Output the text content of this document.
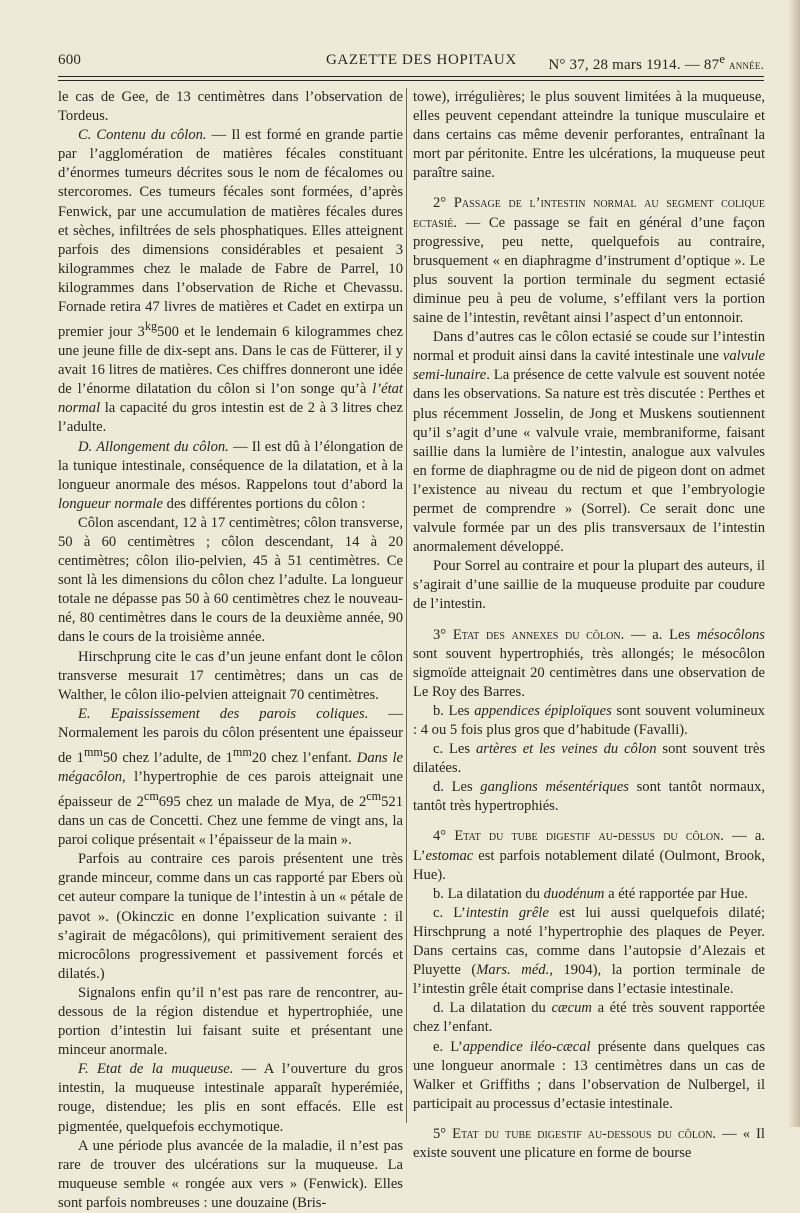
600	GAZETTE DES HOPITAUX N° 37, 28 mars 1914. — 87e année.

le cas de Gee, de 13 centimètres dans l’observation de Tordeus.

C. Contenu du côlon. — Il est formé en grande partie par l’agglomération de matières fécales constituant d’énormes tumeurs décrites sous le nom de fécalomes ou stercoromes. Ces tumeurs fécales sont formées, d’après Fenwick, par une accumulation de matières fécales dures et sèches, infiltrées de sels phosphatiques. Elles atteignent parfois des dimensions considérables et pesaient 3 kilogrammes chez le malade de Fabre de Parrel, 10 kilogrammes dans l’observation de Riche et Chevassu. Fornade retira 47 livres de matières et Cadet en extirpa un premier jour $3^{kg}500$ et le lendemain 6 kilogrammes chez une jeune fille de dix-sept ans. Dans le cas de Fütterer, il y avait 16 litres de matières. Ces chiffres donneront une idée de l’énorme dilatation du côlon si l’on songe qu’à l’état normal la capacité du gros intestin est de 2 à 3 litres chez l’adulte.

D. Allongement du côlon. — Il est dû à l’élongation de la tunique intestinale, conséquence de la dilatation, et à la longueur anormale des mésos. Rappelons tout d’abord la longueur normale des différentes portions du côlon :

Côlon ascendant, 12 à 17 centimètres; côlon transverse, 50 à 60 centimètres ; côlon descendant, 14 à 20 centimètres; côlon ilio-pelvien, 45 à 51 centimètres. Ce sont là les dimensions du côlon chez l’adulte. La longueur totale ne dépasse pas 50 à 60 centimètres chez le nouveau-né, 80 centimètres dans le cours de la deuxième année, 90 dans le cours de la troisième année.

Hirschprung cite le cas d’un jeune enfant dont le côlon transverse mesurait 17 centimètres; dans un cas de Walther, le côlon ilio-pelvien atteignait 70 centimètres.

E. Epaississement des parois coliques. — Normalement les parois du côlon présentent une épaisseur de $1^{mm}50$ chez l’adulte, de $1^{mm}20$ chez l’enfant. Dans le mégacôlon, l’hypertrophie de ces parois atteignait une épaisseur de $2^{cm}695$ chez un malade de Mya, de $2^{cm}521$ dans un cas de Concetti. Chez une femme de vingt ans, la paroi colique présentait « l’épaisseur de la main ».

Parfois au contraire ces parois présentent une très grande minceur, comme dans un cas rapporté par Ebers où cet auteur compare la tunique de l’intestin à un « pétale de pavot ». (Okinczic en donne l’explication suivante : il s’agirait de mégacôlons), qui primitivement seraient des microcôlons progressivement et passivement forcés et dilatés.)

Signalons enfin qu’il n’est pas rare de rencontrer, au-dessous de la région distendue et hypertrophiée, une portion d’intestin lui faisant suite et présentant une minceur anormale.

F. Etat de la muqueuse. — A l’ouverture du gros intestin, la muqueuse intestinale apparaît hyperémiée, rouge, distendue; les plis en sont effacés. Elle est pigmentée, quelquefois ecchymotique.

A une période plus avancée de la maladie, il n’est pas rare de trouver des ulcérations sur la muqueuse. La muqueuse semble « rongée aux vers » (Fenwick). Elles sont parfois nombreuses : une douzaine (Bris-

towe), irrégulières; le plus souvent limitées à la muqueuse, elles peuvent cependant atteindre la tunique musculaire et dans certains cas même devenir perforantes, entraînant la mort par péritonite. Entre les ulcérations, la muqueuse peut paraître saine.

2° Passage de l’intestin normal au segment colique ectasié. — Ce passage se fait en général d’une façon progressive, peu nette, quelquefois au contraire, brusquement « en diaphragme d’instrument d’optique ». Le plus souvent la portion terminale du segment ectasié diminue peu à peu de volume, s’effilant vers la portion saine de l’intestin, revêtant ainsi l’aspect d’un entonnoir.

Dans d’autres cas le côlon ectasié se coude sur l’intestin normal et produit ainsi dans la cavité intestinale une valvule semi-lunaire. La présence de cette valvule est souvent notée dans les observations. Sa nature est très discutée : Perthes et plus récemment Josselin, de Jong et Muskens soutiennent qu’il s’agit d’une « valvule vraie, membraniforme, faisant saillie dans la lumière de l’intestin, analogue aux valvules en forme de diaphragme ou de nid de pigeon dont on admet l’existence au niveau du rectum et que l’embryologie permet de comprendre » (Sorrel). Ce serait donc une valvule formée par un des plis transversaux de l’intestin anormalement développé.

Pour Sorrel au contraire et pour la plupart des auteurs, il s’agirait d’une saillie de la muqueuse produite par coudure de l’intestin.

3° Etat des annexes du côlon. — a. Les mésocôlons sont souvent hypertrophiés, très allongés; le mésocôlon sigmoïde atteignait 20 centimètres dans une observation de Le Roy des Barres.

b. Les appendices épiploïques sont souvent volumineux : 4 ou 5 fois plus gros que d’habitude (Favalli).

c. Les artères et les veines du côlon sont souvent très dilatées.

d. Les ganglions mésentériques sont tantôt normaux, tantôt très hypertrophiés.

4° Etat du tube digestif au-dessus du côlon. — a. L’estomac est parfois notablement dilaté (Oulmont, Brook, Hue).

b. La dilatation du duodénum a été rapportée par Hue.

c. L’intestin grêle est lui aussi quelquefois dilaté; Hirschprung a noté l’hypertrophie des plaques de Peyer. Dans certains cas, comme dans l’autopsie d’Alezais et Pluyette (Mars. méd., 1904), la portion terminale de l’intestin grêle était comprise dans l’ectasie intestinale.

d. La dilatation du cæcum a été très souvent rapportée chez l’enfant.

e. L’appendice iléo-cæcal présente dans quelques cas une longueur anormale : 13 centimètres dans un cas de Walker et Griffiths ; dans l’observation de Nulbergel, il participait au processus d’ectasie intestinale.

5° Etat du tube digestif au-dessous du côlon. — « Il existe souvent une plicature en forme de bourse
